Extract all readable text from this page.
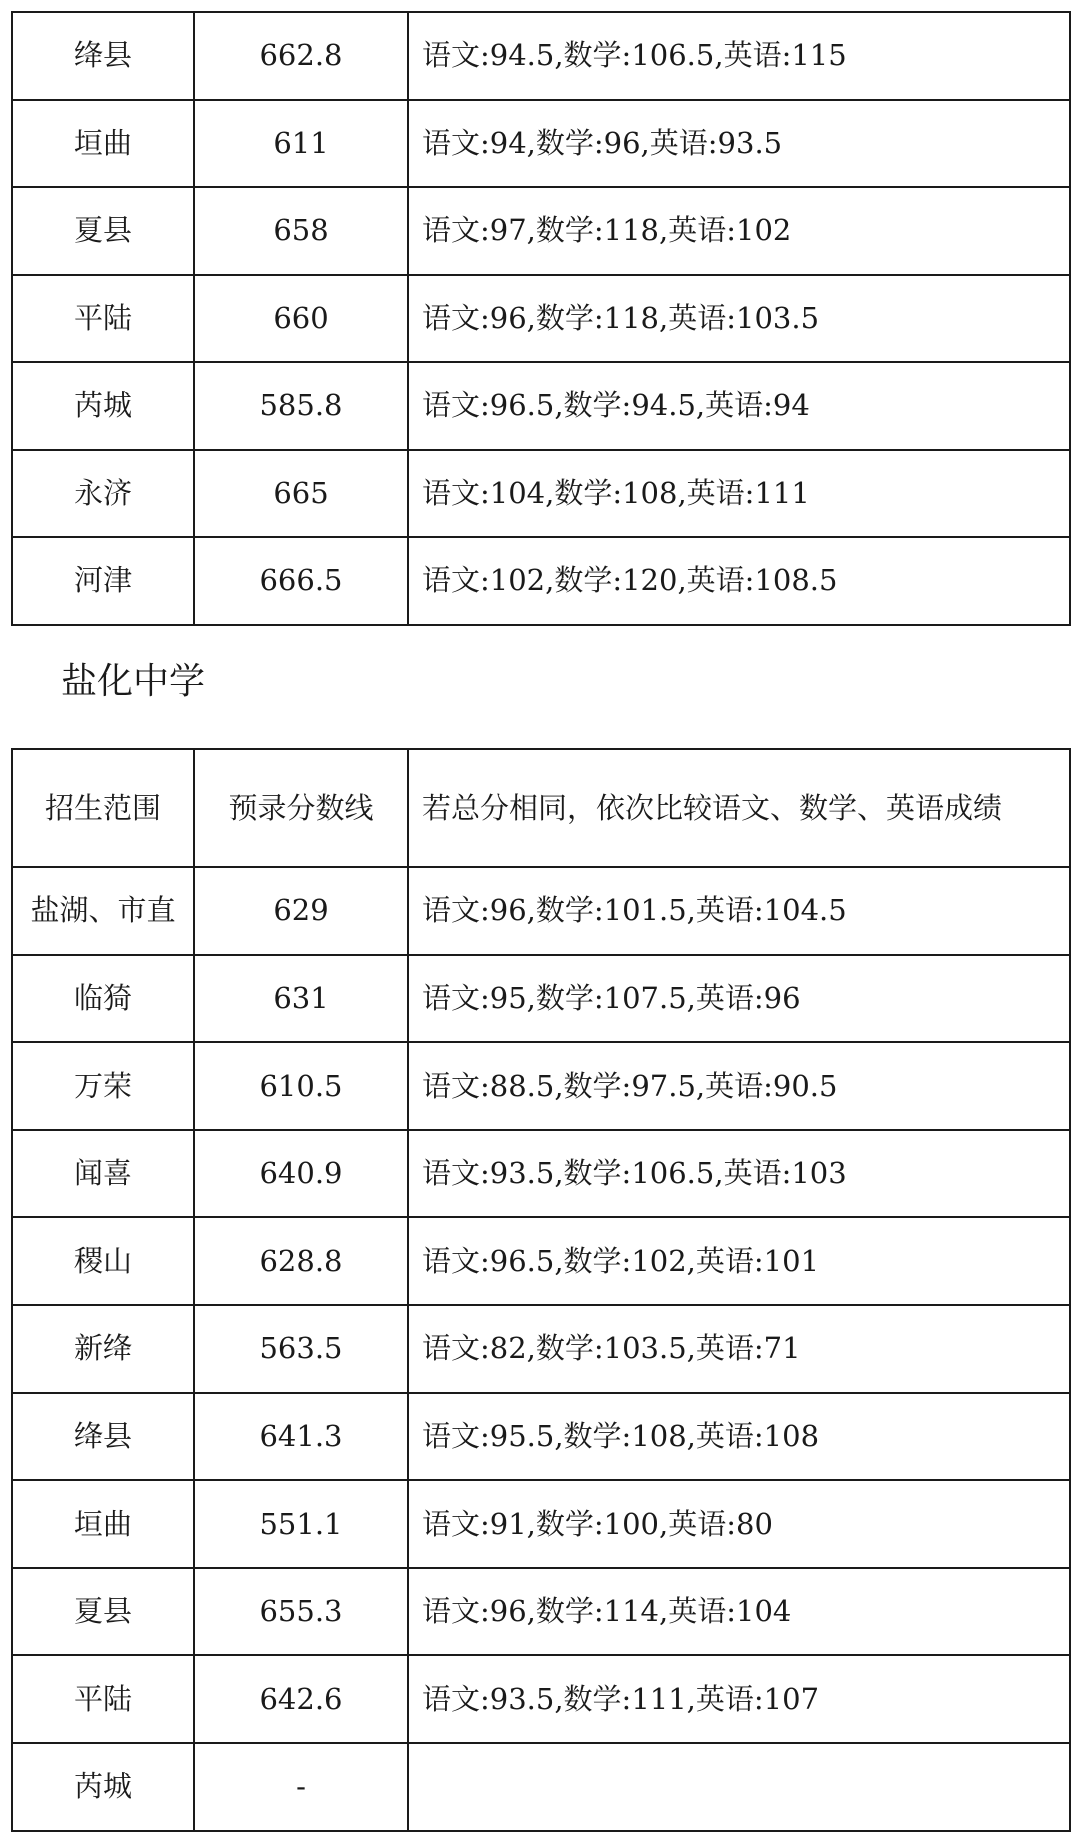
绛县	662.8	语文:94.5,数学:106.5,英语:115
垣曲	611	语文:94,数学:96,英语:93.5
夏县	658	语文:97,数学:118,英语:102
平陆	660	语文:96,数学:118,英语:103.5
芮城	585.8	语文:96.5,数学:94.5,英语:94
永济	665	语文:104,数学:108,英语:111
河津	666.5	语文:102,数学:120,英语:108.5
盐化中学
招生范围	预录分数线	若总分相同，依次比较语文、数学、英语成绩
盐湖、市直	629	语文:96,数学:101.5,英语:104.5
临猗	631	语文:95,数学:107.5,英语:96
万荣	610.5	语文:88.5,数学:97.5,英语:90.5
闻喜	640.9	语文:93.5,数学:106.5,英语:103
稷山	628.8	语文:96.5,数学:102,英语:101
新绛	563.5	语文:82,数学:103.5,英语:71
绛县	641.3	语文:95.5,数学:108,英语:108
垣曲	551.1	语文:91,数学:100,英语:80
夏县	655.3	语文:96,数学:114,英语:104
平陆	642.6	语文:93.5,数学:111,英语:107
芮城	-	
